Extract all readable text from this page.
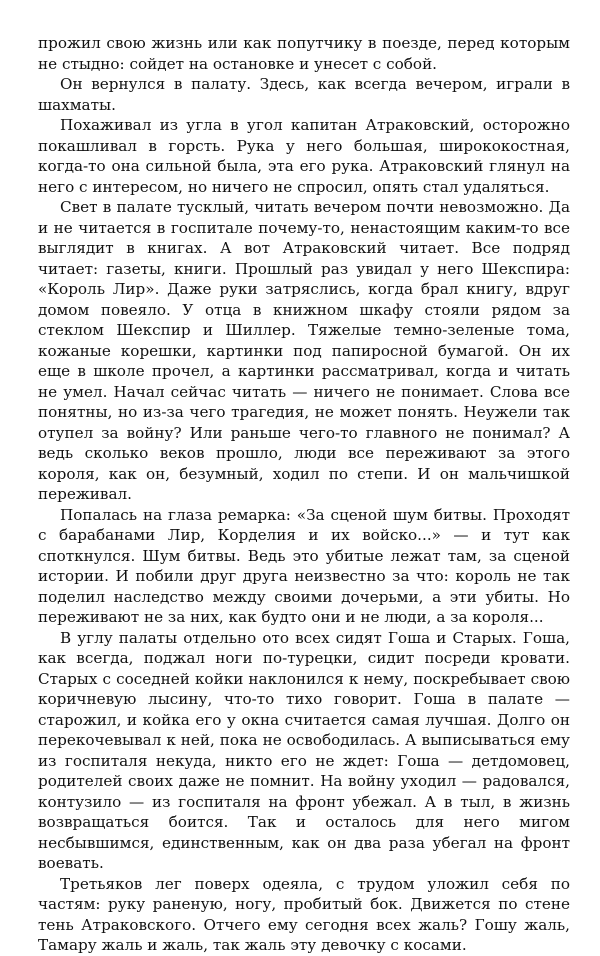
прожил свою жизнь или как попутчику в поезде, перед которым не стыдно: сойдет на остановке и унесет с собой.

Он вернулся в палату. Здесь, как всегда вечером, играли в шахматы.

Похаживал из угла в угол капитан Атраковский, осторожно покашливал в горсть. Рука у него большая, ширококостная, когда-то она сильной была, эта его рука. Атраковский глянул на него с интересом, но ничего не спросил, опять стал удаляться.

Свет в палате тусклый, читать вечером почти невозможно. Да и не читается в госпитале почему-то, ненастоящим каким-то все выглядит в книгах. А вот Атраковский читает. Все подряд читает: газеты, книги. Прошлый раз увидал у него Шекспира: «Король Лир». Даже руки затряслись, когда брал книгу, вдруг домом повеяло. У отца в книжном шкафу стояли рядом за стеклом Шекспир и Шиллер. Тяжелые темно-зеленые тома, кожаные корешки, картинки под папиросной бумагой. Он их еще в школе прочел, а картинки рассматривал, когда и читать не умел. Начал сейчас читать — ничего не понимает. Слова все понятны, но из-за чего трагедия, не может понять. Неужели так отупел за войну? Или раньше чего-то главного не понимал? А ведь сколько веков прошло, люди все переживают за этого короля, как он, безумный, ходил по степи. И он мальчишкой переживал.

Попалась на глаза ремарка: «За сценой шум битвы. Проходят с барабанами Лир, Корделия и их войско...» — и тут как споткнулся. Шум битвы. Ведь это убитые лежат там, за сценой истории. И побили друг друга неизвестно за что: король не так поделил наследство между своими дочерьми, а эти убиты. Но переживают не за них, как будто они и не люди, а за короля...

В углу палаты отдельно ото всех сидят Гоша и Старых. Гоша, как всегда, поджал ноги по-турецки, сидит посреди кровати. Старых с соседней койки наклонился к нему, поскребывает свою коричневую лысину, что-то тихо говорит. Гоша в палате — старожил, и койка его у окна считается самая лучшая. Долго он перекочевывал к ней, пока не освободилась. А выписываться ему из госпиталя некуда, никто его не ждет: Гоша — детдомовец, родителей своих даже не помнит. На войну уходил — радовался, контузило — из госпиталя на фронт убежал. А в тыл, в жизнь возвращаться боится. Так и осталось для него мигом несбывшимся, единственным, как он два раза убегал на фронт воевать.

Третьяков лег поверх одеяла, с трудом уложил себя по частям: руку раненую, ногу, пробитый бок. Движется по стене тень Атраковского. Отчего ему сегодня всех жаль? Гошу жаль, Тамару жаль и жаль, так жаль эту девочку с косами.
